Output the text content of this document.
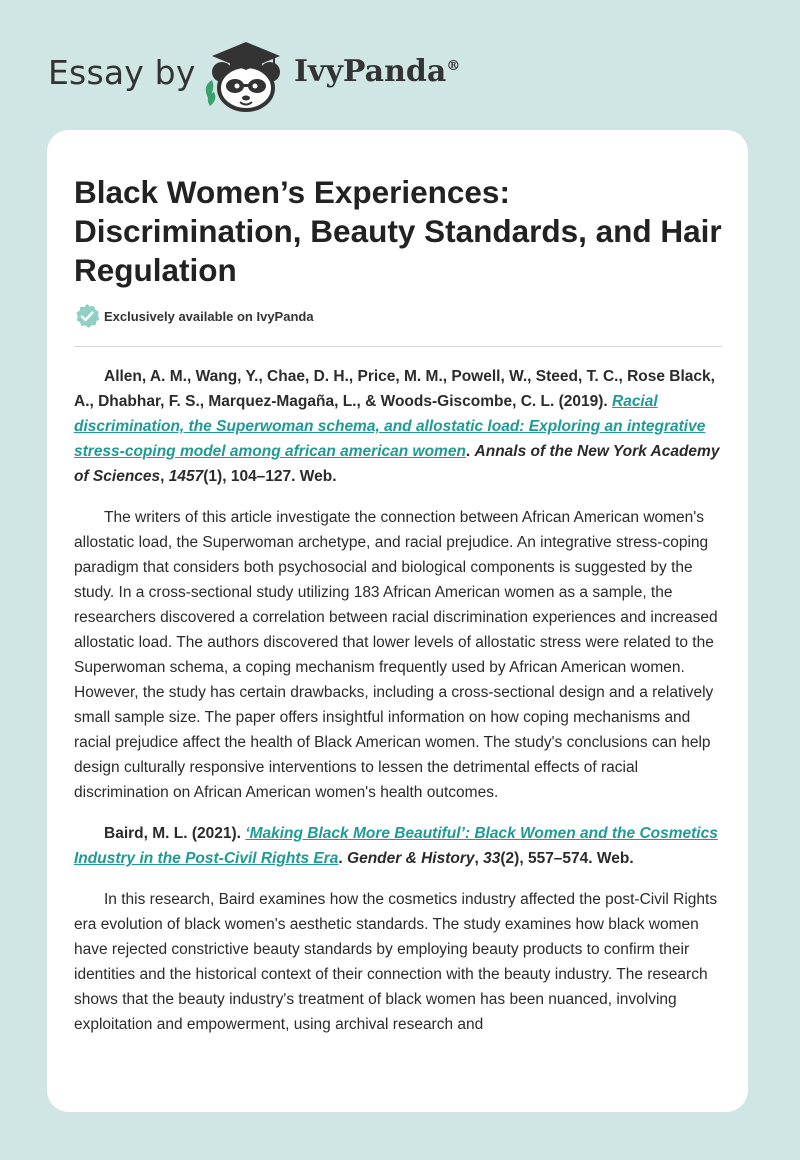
Essay by	IvyPanda®
Black Women’s Experiences: Discrimination, Beauty Standards, and Hair Regulation
Exclusively available on IvyPanda

Allen, A. M., Wang, Y., Chae, D. H., Price, M. M., Powell, W., Steed, T. C., Rose Black, A., Dhabhar, F. S., Marquez-Magaña, L., & Woods-Giscombe, C. L. (2019). Racial discrimination, the Superwoman schema, and allostatic load: Exploring an integrative stress-coping model among african american women. Annals of the New York Academy of Sciences, 1457(1), 104–127. Web.

The writers of this article investigate the connection between African American women's allostatic load, the Superwoman archetype, and racial prejudice. An integrative stress-coping paradigm that considers both psychosocial and biological components is suggested by the study. In a cross-sectional study utilizing 183 African American women as a sample, the researchers discovered a correlation between racial discrimination experiences and increased allostatic load. The authors discovered that lower levels of allostatic stress were related to the Superwoman schema, a coping mechanism frequently used by African American women. However, the study has certain drawbacks, including a cross-sectional design and a relatively small sample size. The paper offers insightful information on how coping mechanisms and racial prejudice affect the health of Black American women. The study's conclusions can help design culturally responsive interventions to lessen the detrimental effects of racial discrimination on African American women's health outcomes.

Baird, M. L. (2021). ‘Making Black More Beautiful’: Black Women and the Cosmetics Industry in the Post-Civil Rights Era. Gender & History, 33(2), 557–574. Web.

In this research, Baird examines how the cosmetics industry affected the post-Civil Rights era evolution of black women's aesthetic standards. The study examines how black women have rejected constrictive beauty standards by employing beauty products to confirm their identities and the historical context of their connection with the beauty industry. The research shows that the beauty industry's treatment of black women has been nuanced, involving exploitation and empowerment, using archival research and
